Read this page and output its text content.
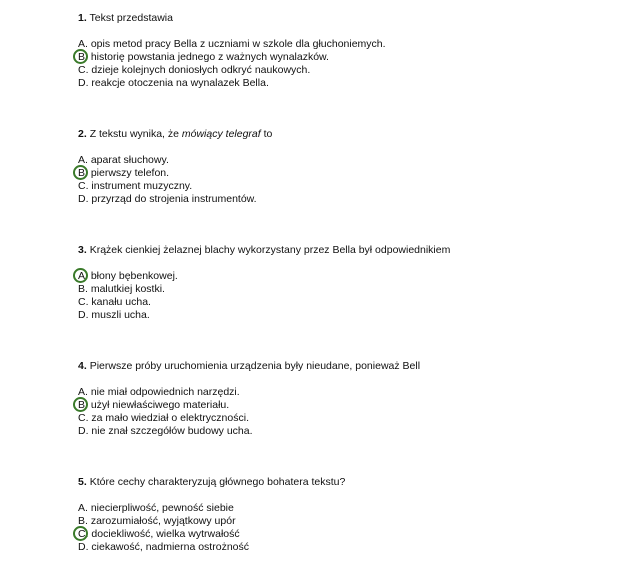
1. Tekst przedstawia
A. opis metod pracy Bella z uczniami w szkole dla głuchoniemych.
B. historię powstania jednego z ważnych wynalazków.
C. dzieje kolejnych doniosłych odkryć naukowych.
D. reakcje otoczenia na wynalazek Bella.
2. Z tekstu wynika, że mówiący telegraf to
A. aparat słuchowy.
B. pierwszy telefon.
C. instrument muzyczny.
D. przyrząd do strojenia instrumentów.
3. Krążek cienkiej żelaznej blachy wykorzystany przez Bella był odpowiednikiem
A. błony bębenkowej.
B. malutkiej kostki.
C. kanału ucha.
D. muszli ucha.
4. Pierwsze próby uruchomienia urządzenia były nieudane, ponieważ Bell
A. nie miał odpowiednich narzędzi.
B. użył niewłaściwego materiału.
C. za mało wiedział o elektryczności.
D. nie znał szczegółów budowy ucha.
5. Które cechy charakteryzują głównego bohatera tekstu?
A. niecierpliwość, pewność siebie
B. zarozumiałość, wyjątkowy upór
C. dociekliwość, wielka wytrwałość
D. ciekawość, nadmierna ostrożność
